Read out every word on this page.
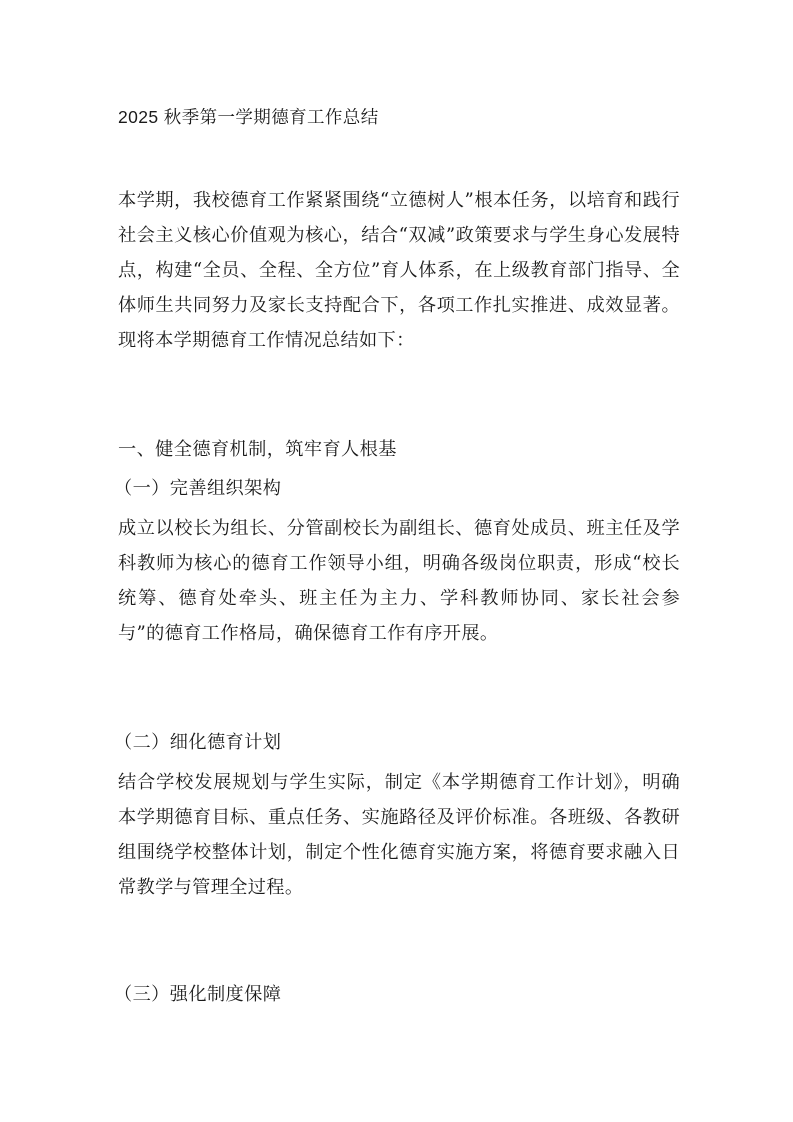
2025 秋季第一学期德育工作总结
本学期，我校德育工作紧紧围绕“立德树人”根本任务，以培育和践行社会主义核心价值观为核心，结合“双减”政策要求与学生身心发展特点，构建“全员、全程、全方位”育人体系，在上级教育部门指导、全体师生共同努力及家长支持配合下，各项工作扎实推进、成效显著。现将本学期德育工作情况总结如下：
一、健全德育机制，筑牢育人根基
（一）完善组织架构
成立以校长为组长、分管副校长为副组长、德育处成员、班主任及学科教师为核心的德育工作领导小组，明确各级岗位职责，形成“校长统筹、德育处牵头、班主任为主力、学科教师协同、家长社会参与”的德育工作格局，确保德育工作有序开展。
（二）细化德育计划
结合学校发展规划与学生实际，制定《本学期德育工作计划》，明确本学期德育目标、重点任务、实施路径及评价标准。各班级、各教研组围绕学校整体计划，制定个性化德育实施方案，将德育要求融入日常教学与管理全过程。
（三）强化制度保障
